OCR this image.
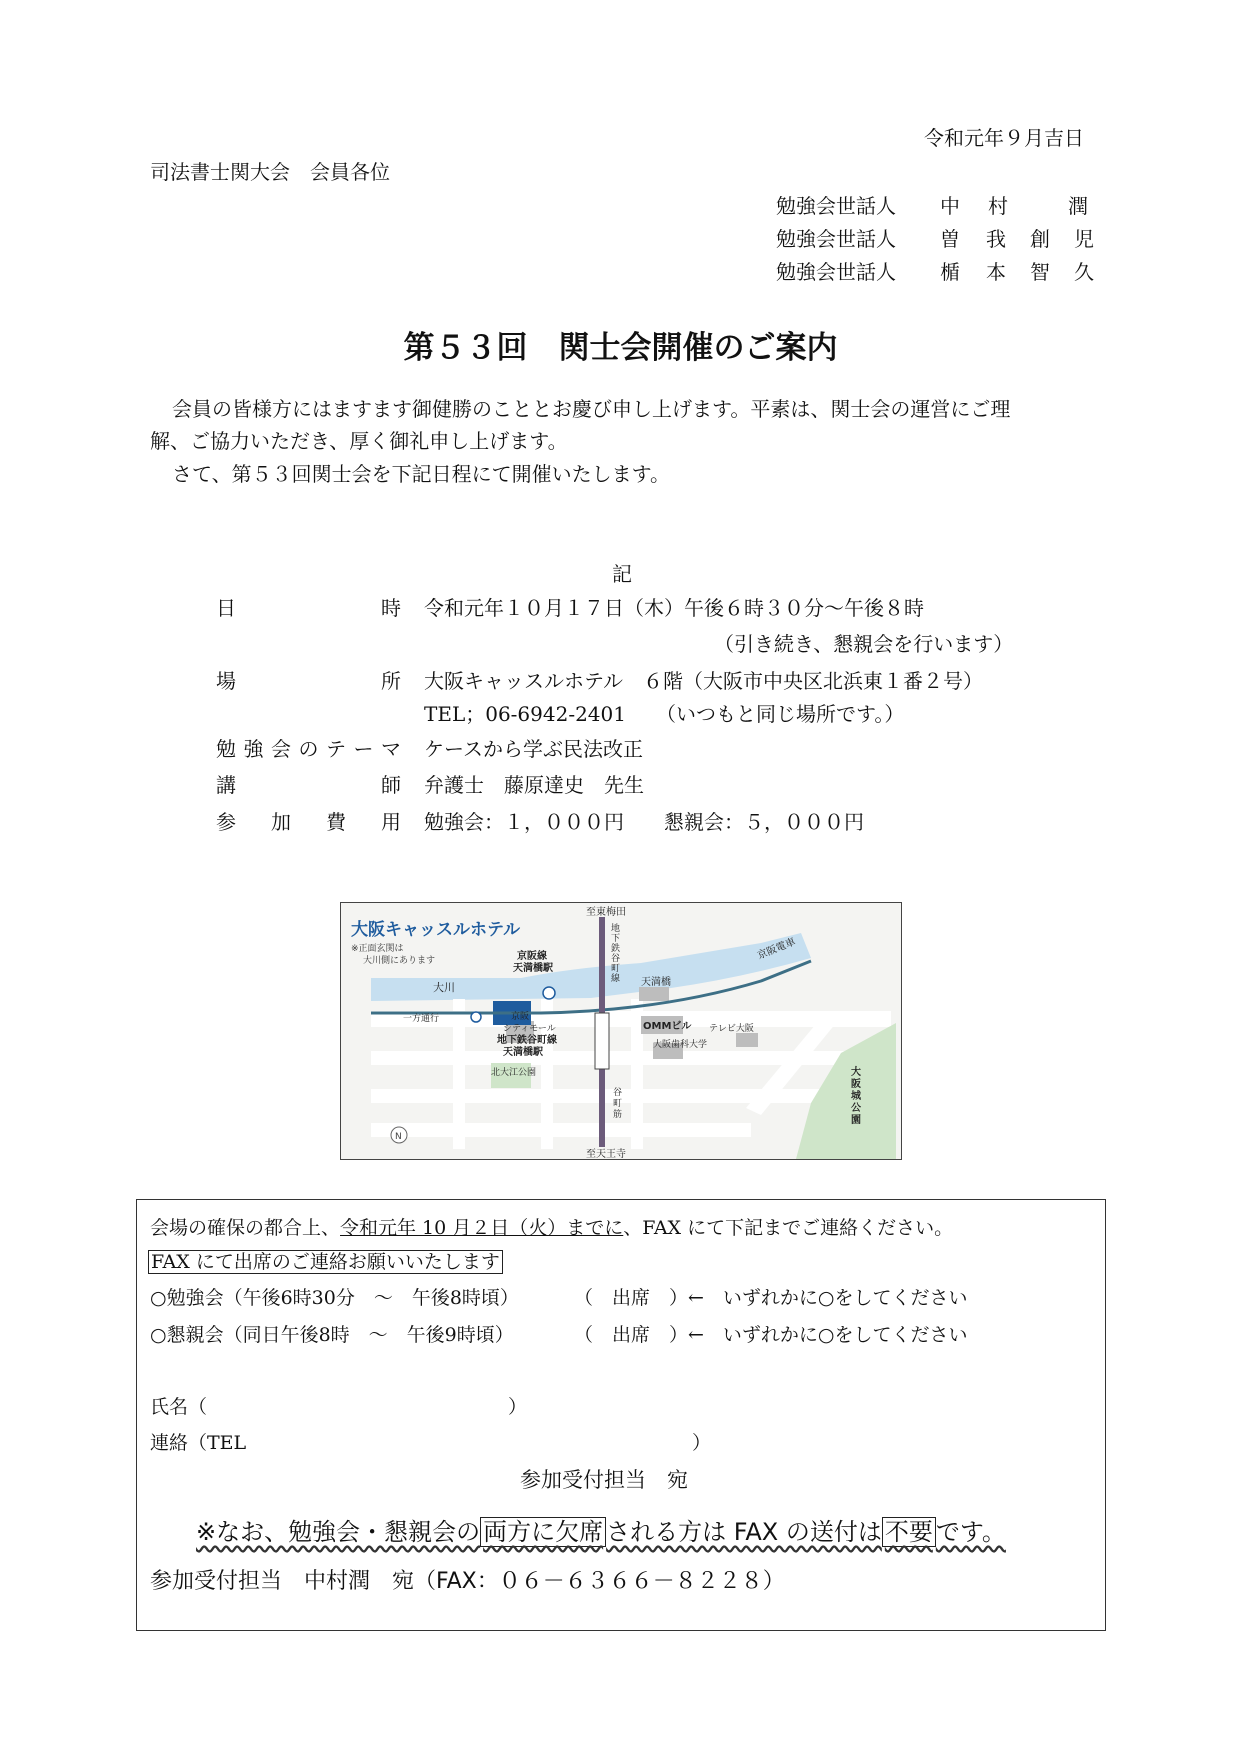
令和元年９月吉日
司法書士関大会　会員各位
勉強会世話人 中 村	潤
勉強会世話人 曽 我 創 児
勉強会世話人 楯 本 智 久
第５３回　関士会開催のご案内
会員の皆様方にはますます御健勝のこととお慶び申し上げます。平素は、関士会の運営にご理
解、ご協力いただき、厚く御礼申し上げます。
さて、第５３回関士会を下記日程にて開催いたします。
記
日	時 令和元年１０月１７日（木）午後６時３０分～午後８時
（引き続き、懇親会を行います）
場	所 大阪キャッスルホテル　６階（大阪市中央区北浜東１番２号）
TEL；06-6942-2401 （いつもと同じ場所です。）
勉 強 会 の テ ー マ ケースから学ぶ民法改正
講	師 弁護士　藤原達史　先生
参 加 費 用 勉強会：１，０００円　　懇親会：５，０００円
大阪キャッスルホテル
※正面玄関は
大川側にあります
至東梅田
至天王寺
地
下
鉄
谷
町
線
大川
京阪線
天満橋駅
京阪電車
天満橋
一方通行	京阪
シティモール	OMMビル テレビ大阪
大阪歯科大学
地下鉄谷町線
天満橋駅
北大江公園
谷
町
筋
大
阪
城
公
園
N
会場の確保の都合上、令和元年 10 月２日（火）までに、FAX にて下記までご連絡ください。
FAX にて出席のご連絡お願いいたします
○勉強会（午後6時30分　～　午後8時頃）	（　出席　）←　いずれかに○をしてください
○懇親会（同日午後8時　～　午後9時頃）	（　出席　）←　いずれかに○をしてください
氏名（	）
連絡（TEL	）
参加受付担当　宛
※なお、勉強会・懇親会の 両方に欠席 される方は FAX の送付は 不要 です。
参加受付担当　中村潤　宛（FAX：０６－６３６６－８２２８）
